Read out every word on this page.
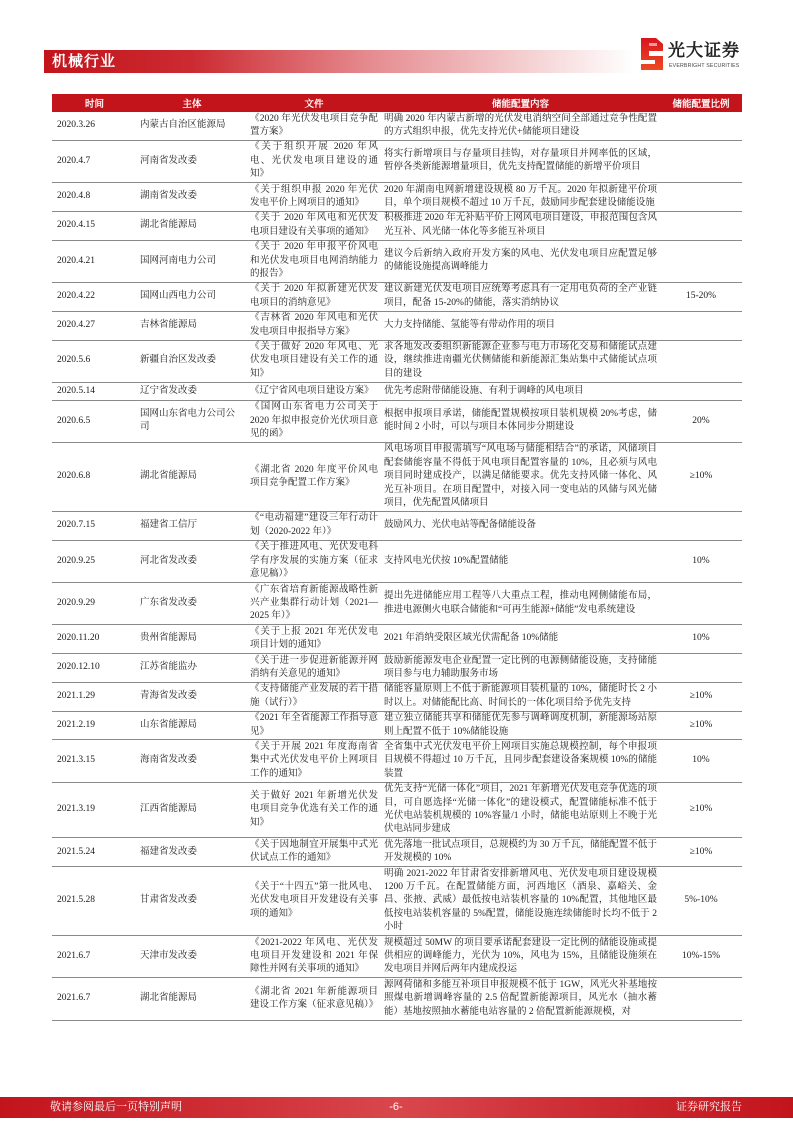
机械行业
光大证券
EVERBRIGHT SECURITIES
时间	主体	文件	储能配置内容	储能配置比例
2020.3.26	内蒙古自治区能源局	《2020 年光伏发电项目竞争配置方案》	明确 2020 年内蒙古新增的光伏发电消纳空间全部通过竞争性配置的方式组织申报，优先支持光伏+储能项目建设	
2020.4.7	河南省发改委	《关于组织开展 2020 年风电、光伏发电项目建设的通知》	将实行新增项目与存量项目挂钩，对存量项目并网率低的区域，暂停各类新能源增量项目，优先支持配置储能的新增平价项目	
2020.4.8	湖南省发改委	《关于组织申报 2020 年光伏发电平价上网项目的通知》	2020 年湖南电网新增建设规模 80 万千瓦。2020 年拟新建平价项目，单个项目规模不超过 10 万千瓦，鼓励同步配套建设储能设施	
2020.4.15	湖北省能源局	《关于 2020 年风电和光伏发电项目建设有关事项的通知》	积极推进 2020 年无补贴平价上网风电项目建设，申报范围包含风光互补、风光储一体化等多能互补项目	
2020.4.21	国网河南电力公司	《关于 2020 年申报平价风电和光伏发电项目电网消纳能力的报告》	建议今后新纳入政府开发方案的风电、光伏发电项目应配置足够的储能设施提高调峰能力	
2020.4.22	国网山西电力公司	《关于 2020 年拟新建光伏发电项目的消纳意见》	建议新建光伏发电项目应统筹考虑具有一定用电负荷的全产业链项目，配备 15-20%的储能，落实消纳协议	15-20%
2020.4.27	吉林省能源局	《吉林省 2020 年风电和光伏发电项目申报指导方案》	大力支持储能、氢能等有带动作用的项目	
2020.5.6	新疆自治区发改委	《关于做好 2020 年风电、光伏发电项目建设有关工作的通知》	求各地发改委组织新能源企业参与电力市场化交易和储能试点建设，继续推进南疆光伏侧储能和新能源汇集站集中式储能试点项目的建设	
2020.5.14	辽宁省发改委	《辽宁省风电项目建设方案》	优先考虑附带储能设施、有利于调峰的风电项目	
2020.6.5	国网山东省电力公司公司	《国网山东省电力公司关于 2020 年拟申报竞价光伏项目意见的函》	根据申报项目承诺，储能配置规模按项目装机规模 20%考虑，储能时间 2 小时，可以与项目本体同步分期建设	20%
2020.6.8	湖北省能源局	《湖北省 2020 年度平价风电项目竞争配置工作方案》	风电场项目申报需填写“风电场与储能相结合”的承诺，风储项目配套储能容量不得低于风电项目配置容量的 10%，且必须与风电项目同时建成投产，以满足储能要求。优先支持风储一体化、风光互补项目。在项目配置中，对接入同一变电站的风储与风光储项目，优先配置风储项目	≥10%
2020.7.15	福建省工信厅	《“电动福建”建设三年行动计划（2020-2022 年）》	鼓励风力、光伏电站等配备储能设备	
2020.9.25	河北省发改委	《关于推进风电、光伏发电科学有序发展的实施方案（征求意见稿）》	支持风电光伏按 10%配置储能	10%
2020.9.29	广东省发改委	《广东省培育新能源战略性新兴产业集群行动计划（2021—2025 年）》	提出先进储能应用工程等八大重点工程，推动电网侧储能布局，推进电源侧火电联合储能和“可再生能源+储能”发电系统建设	
2020.11.20	贵州省能源局	《关于上报 2021 年光伏发电项目计划的通知》	2021 年消纳受限区域光伏需配备 10%储能	10%
2020.12.10	江苏省能监办	《关于进一步促进新能源并网消纳有关意见的通知》	鼓励新能源发电企业配置一定比例的电源侧储能设施，支持储能项目参与电力辅助服务市场	
2021.1.29	青海省发改委	《支持储能产业发展的若干措施（试行）》	储能容量原则上不低于新能源项目装机量的 10%，储能时长 2 小时以上。对储能配比高、时间长的一体化项目给予优先支持	≥10%
2021.2.19	山东省能源局	《2021 年全省能源工作指导意见》	建立独立储能共享和储能优先参与调峰调度机制，新能源场站原则上配置不低于 10%储能设施	≥10%
2021.3.15	海南省发改委	《关于开展 2021 年度海南省集中式光伏发电平价上网项目工作的通知》	全省集中式光伏发电平价上网项目实施总规模控制，每个申报项目规模不得超过 10 万千瓦，且同步配套建设备案规模 10%的储能装置	10%
2021.3.19	江西省能源局	关于做好 2021 年新增光伏发电项目竞争优选有关工作的通知》	优先支持“光储一体化”项目，2021 年新增光伏发电竞争优选的项目，可自愿选择“光储一体化”的建设模式，配置储能标准不低于光伏电站装机规模的 10%容量/1 小时，储能电站原则上不晚于光伏电站同步建成	≥10%
2021.5.24	福建省发改委	《关于因地制宜开展集中式光伏试点工作的通知》	优先落地一批试点项目，总规模约为 30 万千瓦，储能配置不低于开发规模的 10%	≥10%
2021.5.28	甘肃省发改委	《关于“十四五”第一批风电、光伏发电项目开发建设有关事项的通知》	明确 2021-2022 年甘肃省安排新增风电、光伏发电项目建设规模 1200 万千瓦。在配置储能方面，河西地区（酒泉、嘉峪关、金昌、张掖、武威）最低按电站装机容量的 10%配置，其他地区最低按电站装机容量的 5%配置，储能设施连续储能时长均不低于 2 小时	5%-10%
2021.6.7	天津市发改委	《2021-2022 年风电、光伏发电项目开发建设和 2021 年保障性并网有关事项的通知》	规模超过 50MW 的项目要承诺配套建设一定比例的储能设施或提供相应的调峰能力，光伏为 10%，风电为 15%，且储能设施须在发电项目并网后两年内建成投运	10%-15%
2021.6.7	湖北省能源局	《湖北省 2021 年新能源项目建设工作方案（征求意见稿）》	源网荷储和多能互补项目申报规模不低于 1GW，风光火补基地按照煤电新增调峰容量的 2.5 倍配置新能源项目，风光水（抽水蓄能）基地按照抽水蓄能电站容量的 2 倍配置新能源规模，对	
敬请参阅最后一页特别声明	-6-	证券研究报告
